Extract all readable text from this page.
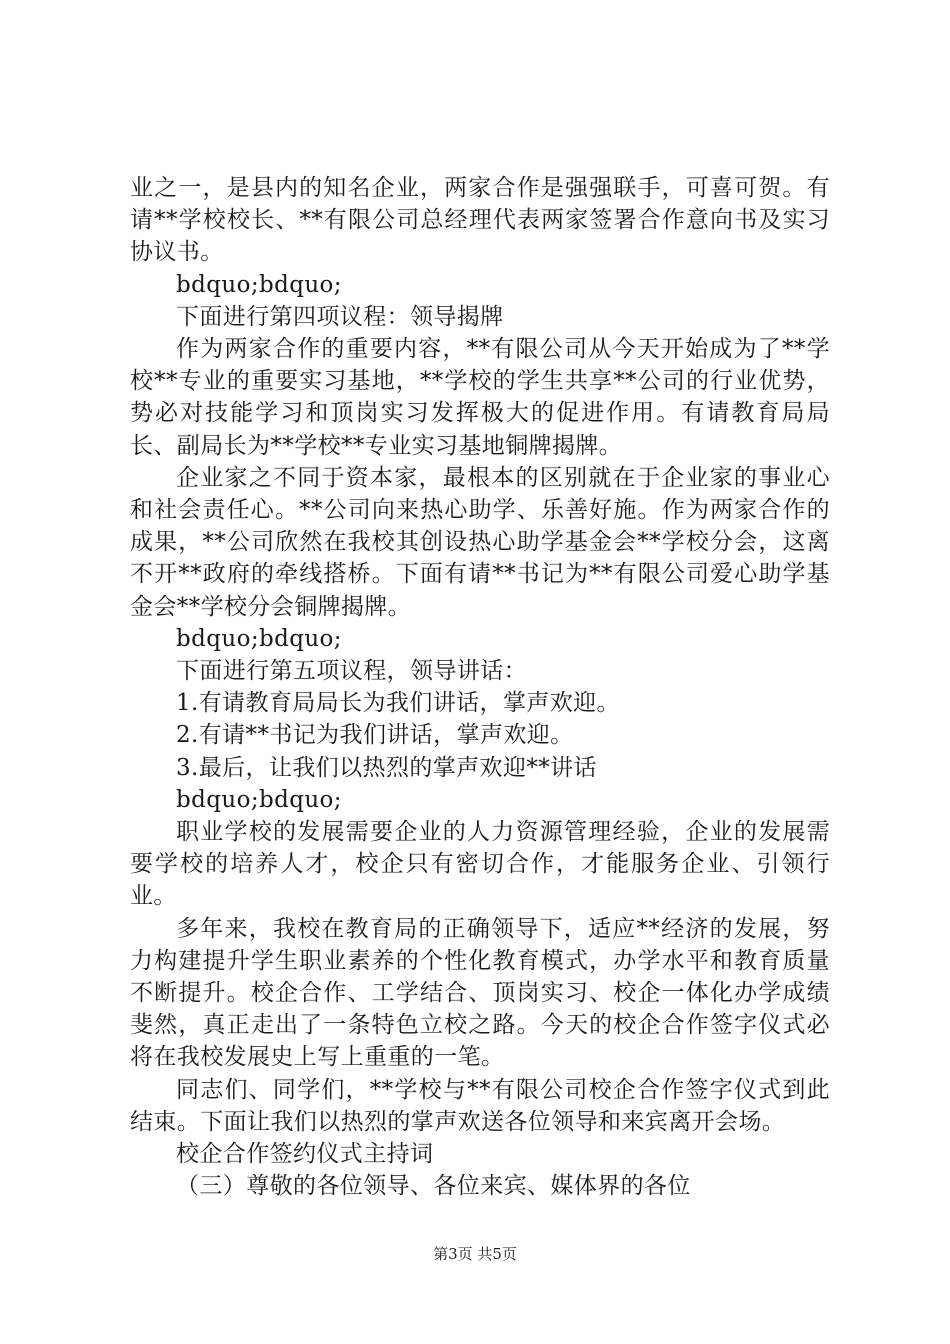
业之一，是县内的知名企业，两家合作是强强联手，可喜可贺。有请**学校校长、**有限公司总经理代表两家签署合作意向书及实习协议书。

bdquo;bdquo;

下面进行第四项议程：领导揭牌

作为两家合作的重要内容，**有限公司从今天开始成为了**学校**专业的重要实习基地，**学校的学生共享**公司的行业优势，势必对技能学习和顶岗实习发挥极大的促进作用。有请教育局局长、副局长为**学校**专业实习基地铜牌揭牌。

企业家之不同于资本家，最根本的区别就在于企业家的事业心和社会责任心。**公司向来热心助学、乐善好施。作为两家合作的成果，**公司欣然在我校其创设热心助学基金会**学校分会，这离不开**政府的牵线搭桥。下面有请**书记为**有限公司爱心助学基金会**学校分会铜牌揭牌。

bdquo;bdquo;

下面进行第五项议程，领导讲话：

1.有请教育局局长为我们讲话，掌声欢迎。

2.有请**书记为我们讲话，掌声欢迎。

3.最后，让我们以热烈的掌声欢迎**讲话

bdquo;bdquo;

职业学校的发展需要企业的人力资源管理经验，企业的发展需要学校的培养人才，校企只有密切合作，才能服务企业、引领行业。

多年来，我校在教育局的正确领导下，适应**经济的发展，努力构建提升学生职业素养的个性化教育模式，办学水平和教育质量不断提升。校企合作、工学结合、顶岗实习、校企一体化办学成绩斐然，真正走出了一条特色立校之路。今天的校企合作签字仪式必将在我校发展史上写上重重的一笔。

同志们、同学们，**学校与**有限公司校企合作签字仪式到此结束。下面让我们以热烈的掌声欢送各位领导和来宾离开会场。

校企合作签约仪式主持词

（三）尊敬的各位领导、各位来宾、媒体界的各位

第3页 共5页
